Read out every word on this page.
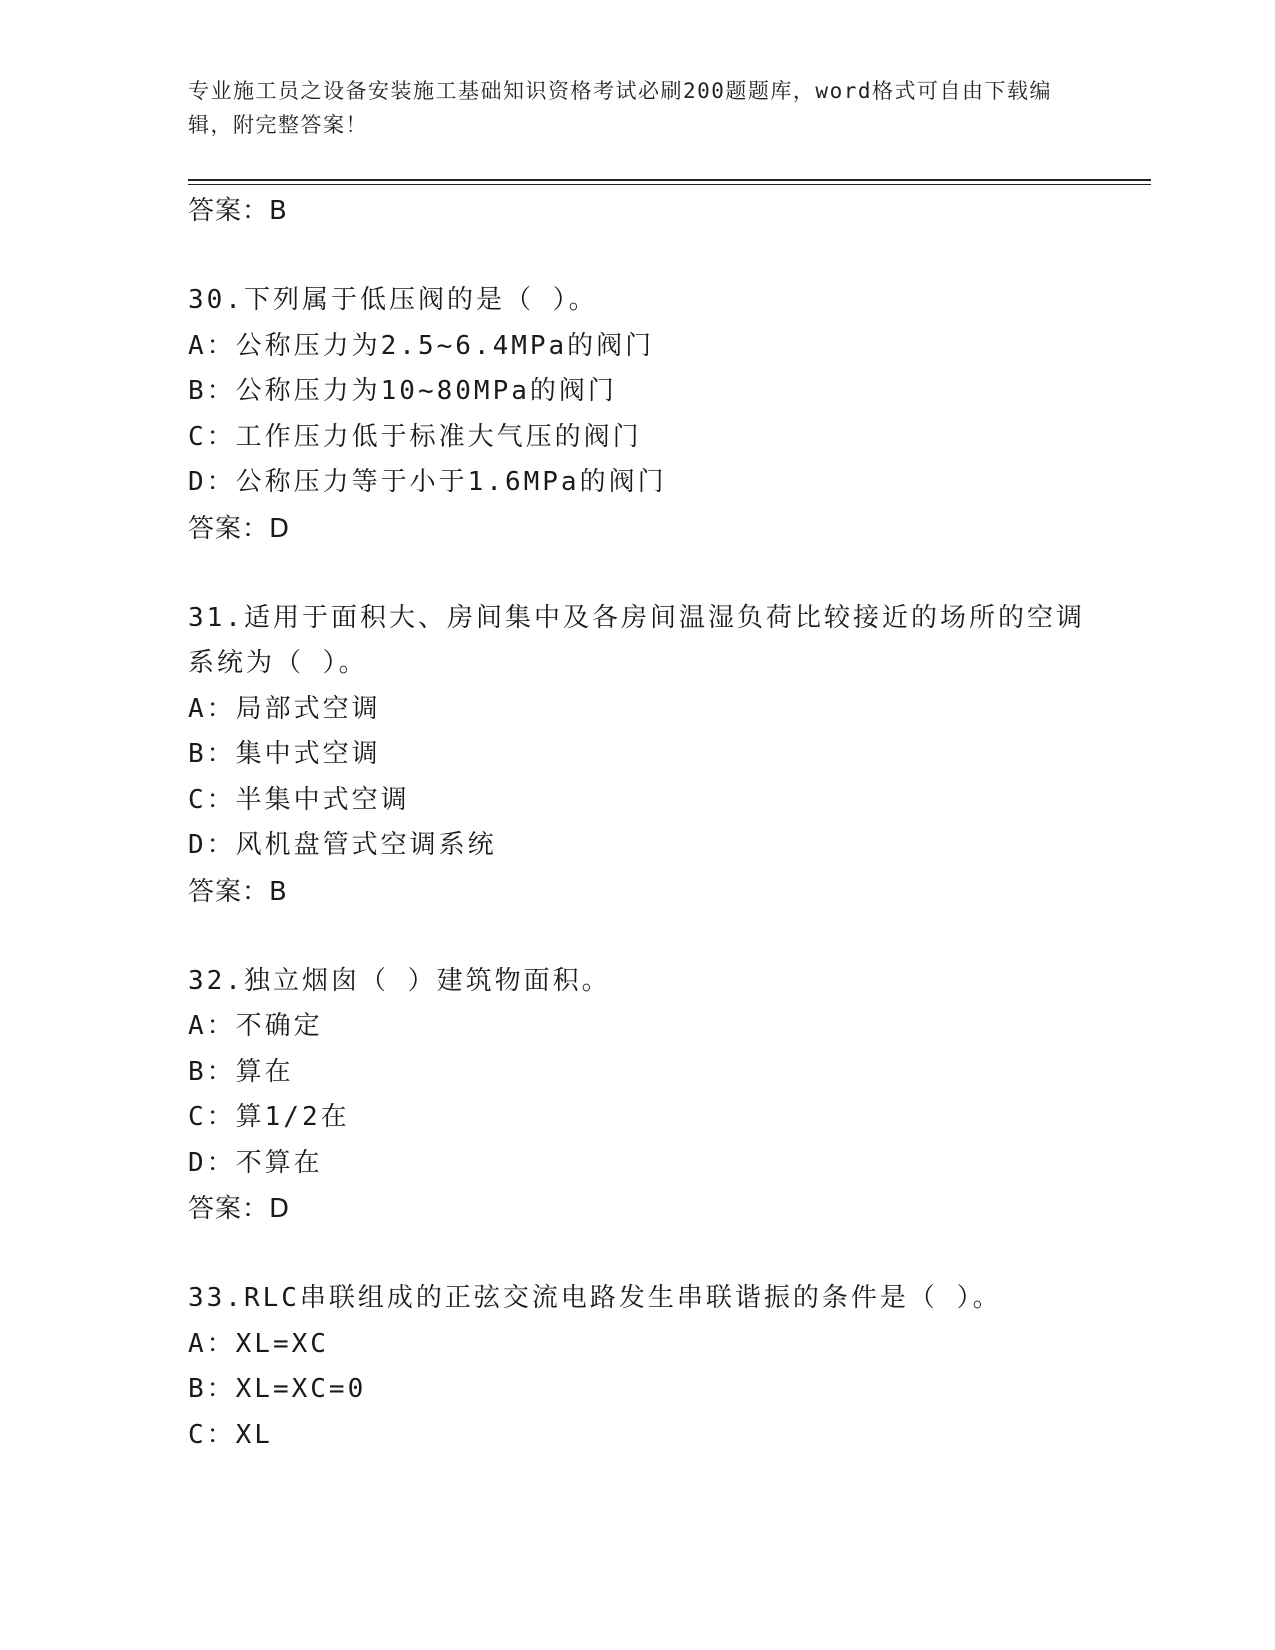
专业施工员之设备安装施工基础知识资格考试必刷200题题库，word格式可自由下载编辑，附完整答案！
答案：B
30.下列属于低压阀的是（ ）。
A：公称压力为2.5~6.4MPa的阀门
B：公称压力为10~80MPa的阀门
C：工作压力低于标准大气压的阀门
D：公称压力等于小于1.6MPa的阀门
答案：D
31.适用于面积大、房间集中及各房间温湿负荷比较接近的场所的空调系统为（ ）。
A：局部式空调
B：集中式空调
C：半集中式空调
D：风机盘管式空调系统
答案：B
32.独立烟囱（ ）建筑物面积。
A：不确定
B：算在
C：算1/2在
D：不算在
答案：D
33.RLC串联组成的正弦交流电路发生串联谐振的条件是（ ）。
A：XL=XC
B：XL=XC=0
C：XL
